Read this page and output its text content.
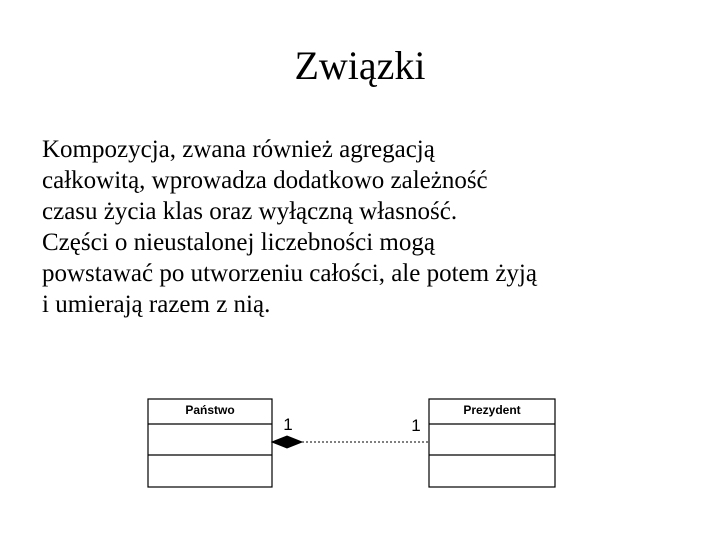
Związki

Kompozycja, zwana również agregacją
całkowitą, wprowadza dodatkowo zależność
czasu życia klas oraz wyłączną własność.

Części o nieustalonej liczebności mogą
powstawać po utworzeniu całości, ale potem żyją
i umierają razem z nią.

Państwo	Prezydent
1	1
